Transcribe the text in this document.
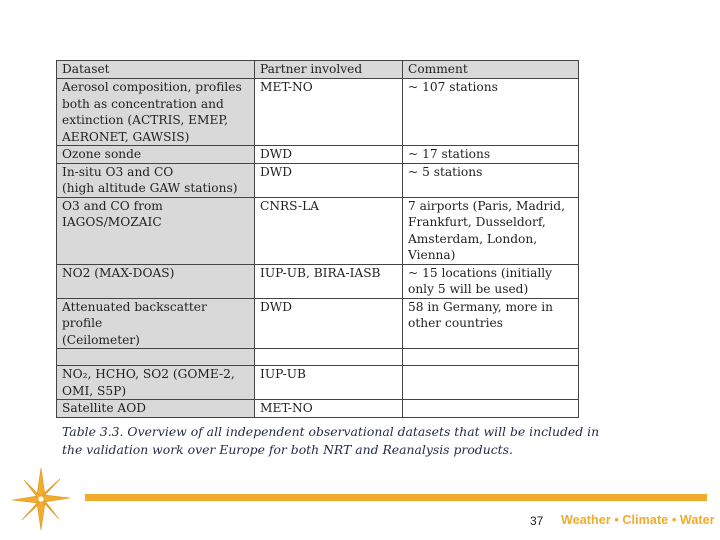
Dataset	Partner involved	Comment
Aerosol composition, profiles
both as concentration and
extinction (ACTRIS, EMEP,
AERONET, GAWSIS)	MET-NO	~ 107 stations
Ozone sonde	DWD	~ 17 stations
In-situ O3 and CO
(high altitude GAW stations)	DWD	~ 5 stations
O3 and CO from
IAGOS/MOZAIC	CNRS-LA	7 airports (Paris, Madrid,
Frankfurt, Dusseldorf,
Amsterdam, London,
Vienna)
NO2 (MAX-DOAS)	IUP-UB, BIRA-IASB	~ 15 locations (initially
only 5 will be used)
Attenuated backscatter profile
(Ceilometer)	DWD	58 in Germany, more in
other countries

NO₂, HCHO, SO2 (GOME-2,
OMI, S5P)	IUP-UB	
Satellite AOD	MET-NO	
Table 3.3. Overview of all independent observational datasets that will be included in the validation work over Europe for both NRT and Reanalysis products.
37 Weather • Climate • Water
